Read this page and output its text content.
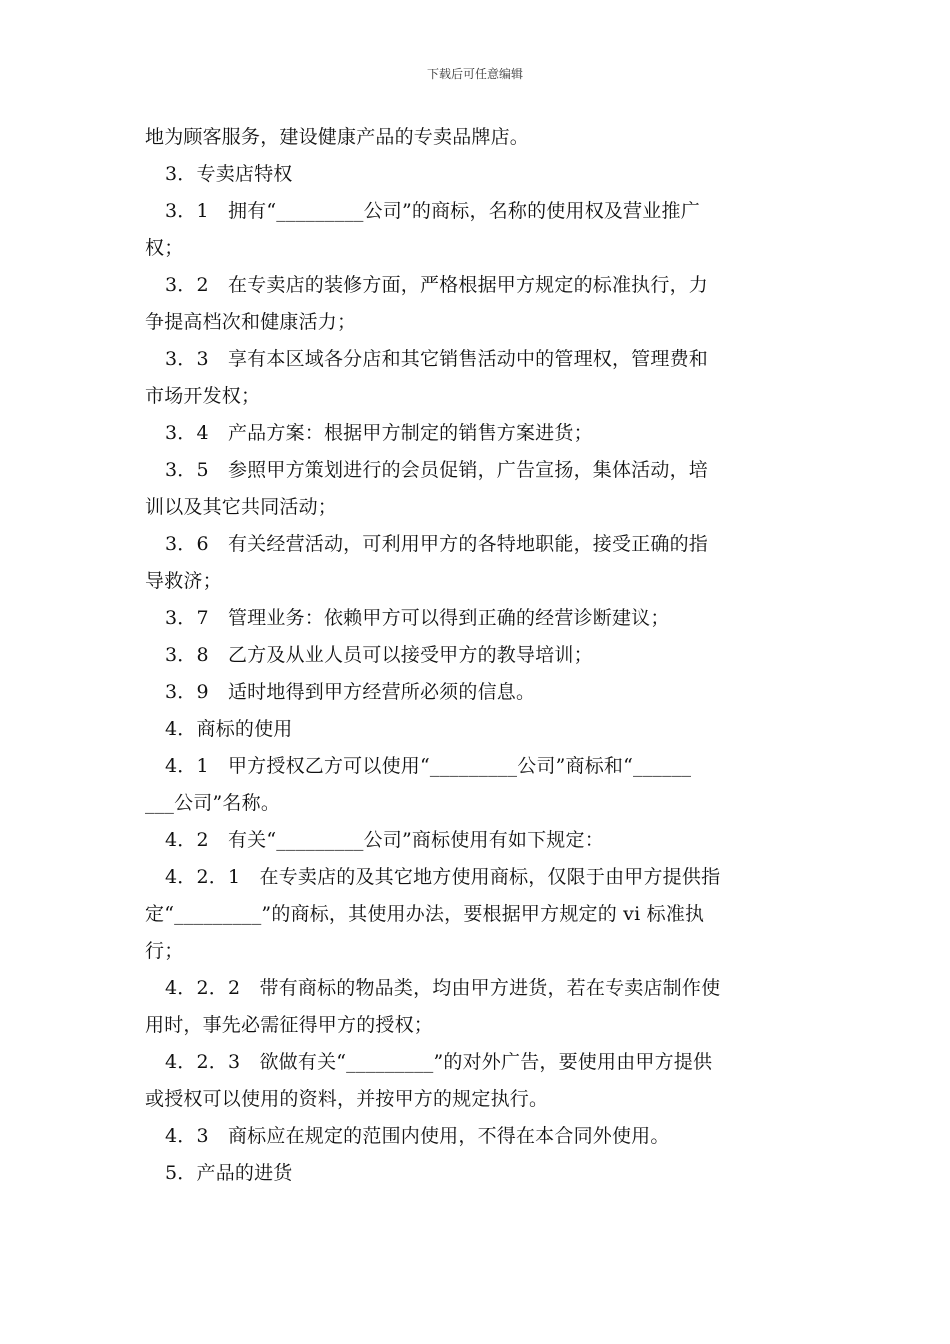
下载后可任意编辑
地为顾客服务，建设健康产品的专卖品牌店。
3．专卖店特权
3．1　拥有“_________公司”的商标，名称的使用权及营业推广
权；
3．2　在专卖店的装修方面，严格根据甲方规定的标准执行，力
争提高档次和健康活力；
3．3　享有本区域各分店和其它销售活动中的管理权，管理费和
市场开发权；
3．4　产品方案：根据甲方制定的销售方案进货；
3．5　参照甲方策划进行的会员促销，广告宣扬，集体活动，培
训以及其它共同活动；
3．6　有关经营活动，可利用甲方的各特地职能，接受正确的指
导救济；
3．7　管理业务：依赖甲方可以得到正确的经营诊断建议；
3．8　乙方及从业人员可以接受甲方的教导培训；
3．9　适时地得到甲方经营所必须的信息。
4．商标的使用
4．1　甲方授权乙方可以使用“_________公司”商标和“______
___公司”名称。
4．2　有关“_________公司”商标使用有如下规定：
4．2．1　在专卖店的及其它地方使用商标，仅限于由甲方提供指
定“_________”的商标，其使用办法，要根据甲方规定的 vi 标准执
行；
4．2．2　带有商标的物品类，均由甲方进货，若在专卖店制作使
用时，事先必需征得甲方的授权；
4．2．3　欲做有关“_________”的对外广告，要使用由甲方提供
或授权可以使用的资料，并按甲方的规定执行。
4．3　商标应在规定的范围内使用，不得在本合同外使用。
5．产品的进货
